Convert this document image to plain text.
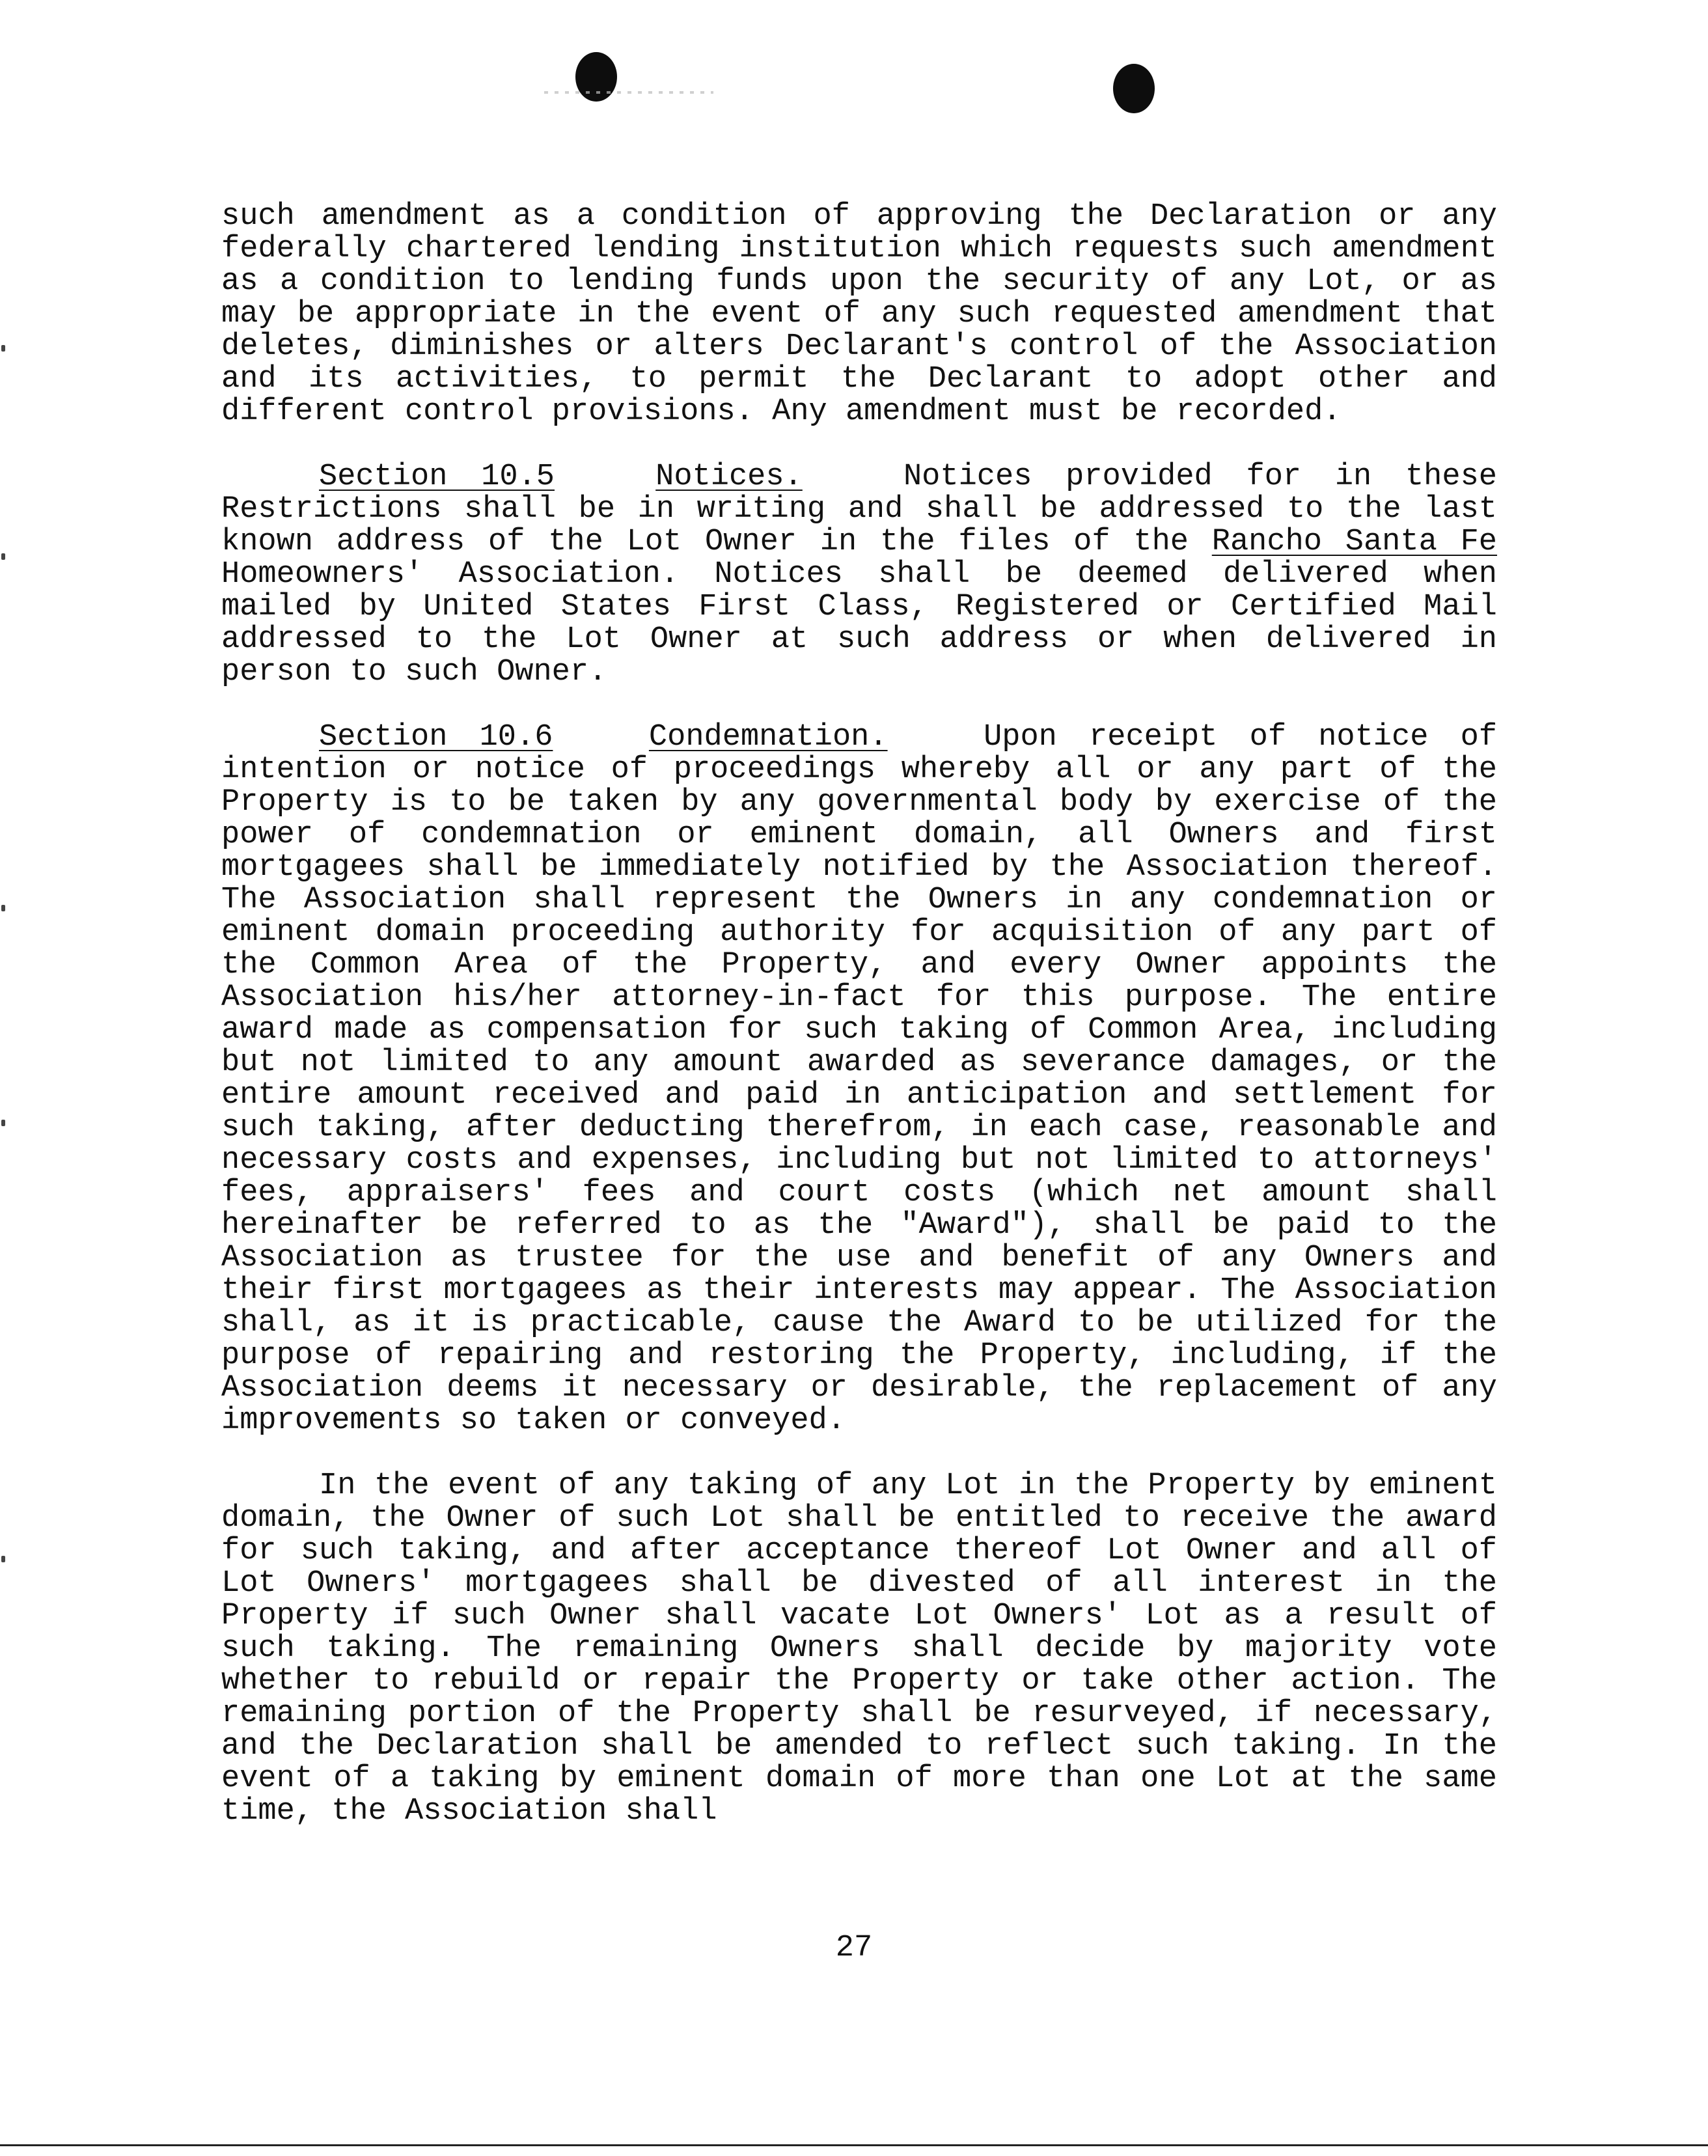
such amendment as a condition of approving the Declaration or any federally chartered lending institution which requests such amendment as a condition to lending funds upon the security of any Lot, or as may be appropriate in the event of any such requested amendment that deletes, diminishes or alters Declarant's control of the Association and its activities, to permit the Declarant to adopt other and different control provisions. Any amendment must be recorded.

Section 10.5	Notices.	Notices provided for in these Restrictions shall be in writing and shall be addressed to the last known address of the Lot Owner in the files of the Rancho Santa Fe Homeowners' Association. Notices shall be deemed delivered when mailed by United States First Class, Registered or Certified Mail addressed to the Lot Owner at such address or when delivered in person to such Owner.

Section 10.6	Condemnation.	Upon receipt of notice of intention or notice of proceedings whereby all or any part of the Property is to be taken by any governmental body by exercise of the power of condemnation or eminent domain, all Owners and first mortgagees shall be immediately notified by the Association thereof. The Association shall represent the Owners in any condemnation or eminent domain proceeding authority for acquisition of any part of the Common Area of the Property, and every Owner appoints the Association his/her attorney-in-fact for this purpose. The entire award made as compensation for such taking of Common Area, including but not limited to any amount awarded as severance damages, or the entire amount received and paid in anticipation and settlement for such taking, after deducting therefrom, in each case, reasonable and necessary costs and expenses, including but not limited to attorneys' fees, appraisers' fees and court costs (which net amount shall hereinafter be referred to as the "Award"), shall be paid to the Association as trustee for the use and benefit of any Owners and their first mortgagees as their interests may appear. The Association shall, as it is practicable, cause the Award to be utilized for the purpose of repairing and restoring the Property, including, if the Association deems it necessary or desirable, the replacement of any improvements so taken or conveyed.

In the event of any taking of any Lot in the Property by eminent domain, the Owner of such Lot shall be entitled to receive the award for such taking, and after acceptance thereof Lot Owner and all of Lot Owners' mortgagees shall be divested of all interest in the Property if such Owner shall vacate Lot Owners' Lot as a result of such taking. The remaining Owners shall decide by majority vote whether to rebuild or repair the Property or take other action. The remaining portion of the Property shall be resurveyed, if necessary, and the Declaration shall be amended to reflect such taking. In the event of a taking by eminent domain of more than one Lot at the same time, the Association shall

27
